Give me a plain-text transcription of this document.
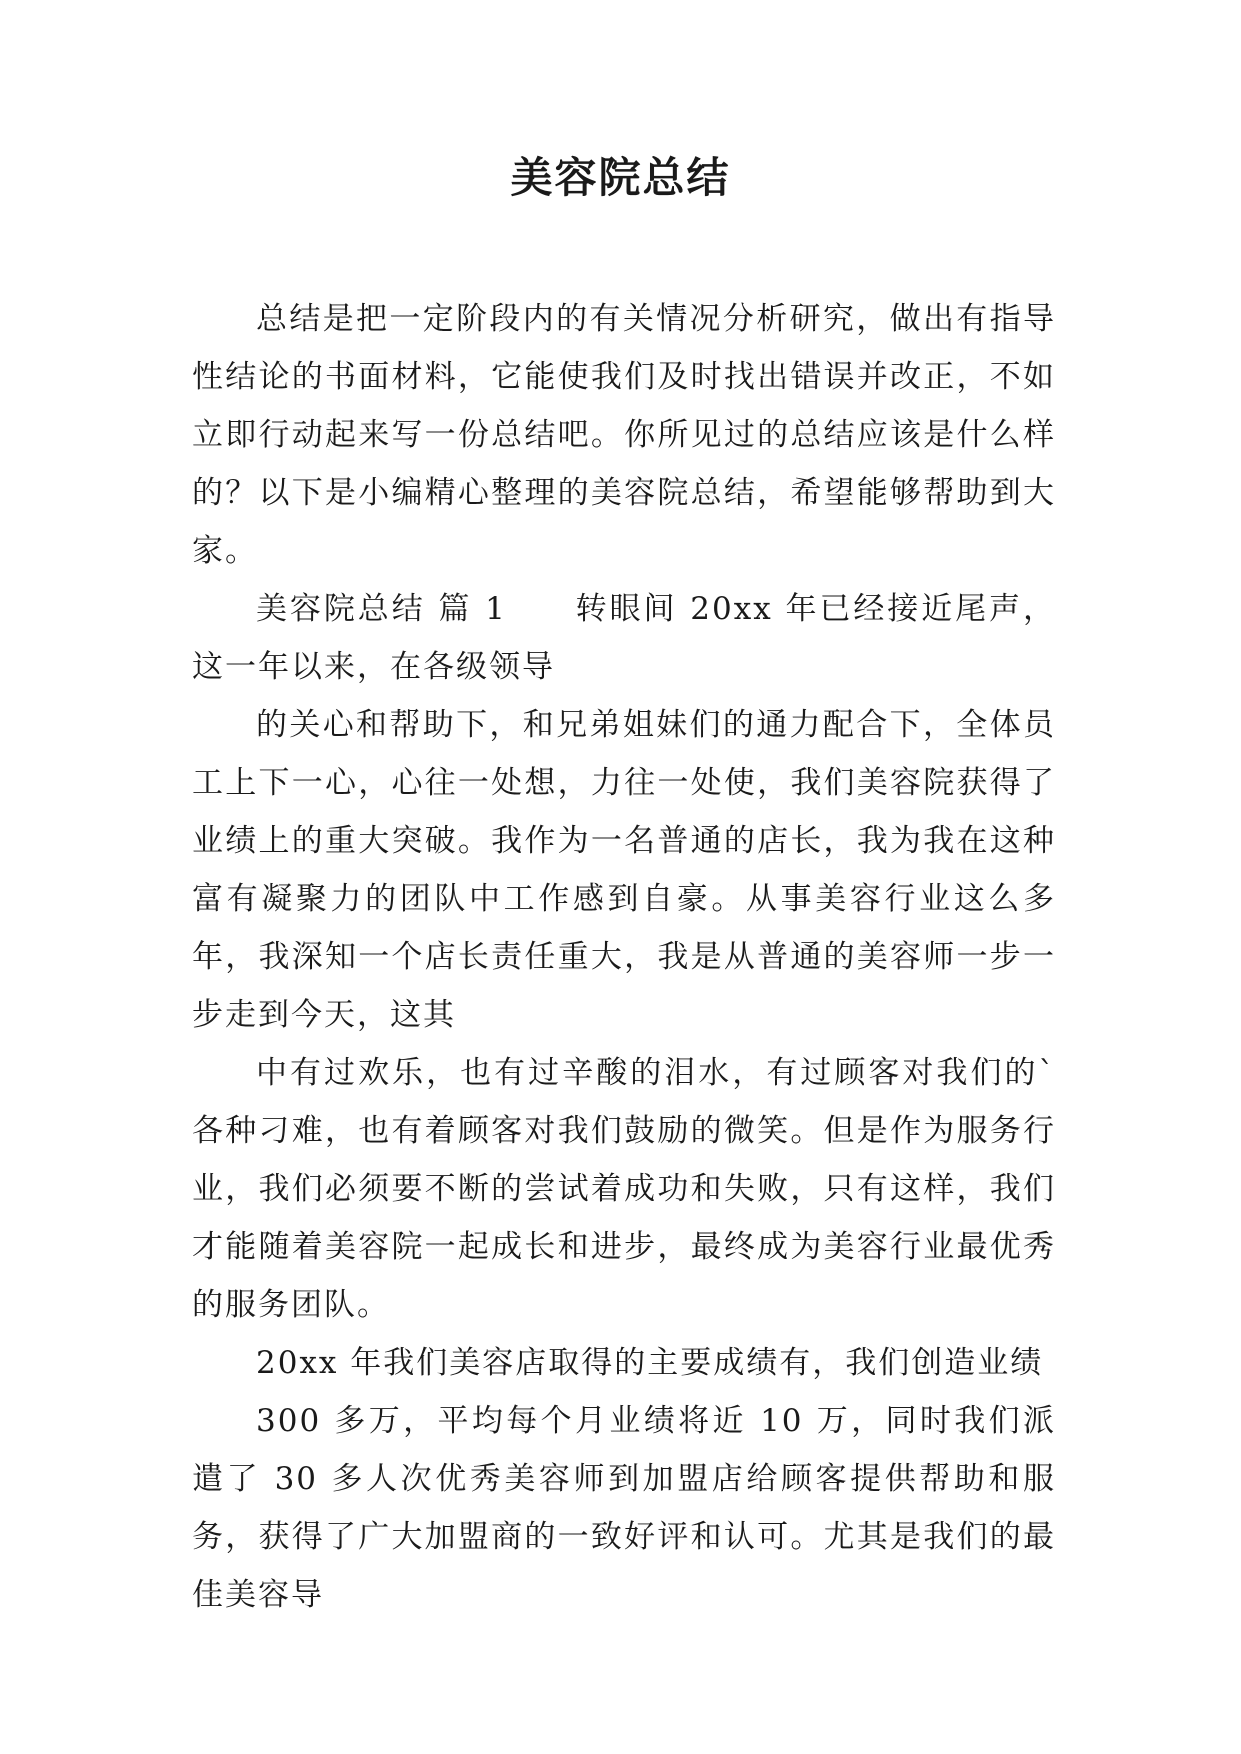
美容院总结

总结是把一定阶段内的有关情况分析研究，做出有指导性结论的书面材料，它能使我们及时找出错误并改正，不如立即行动起来写一份总结吧。你所见过的总结应该是什么样的？以下是小编精心整理的美容院总结，希望能够帮助到大家。

美容院总结 篇 1　　转眼间 20xx 年已经接近尾声，这一年以来，在各级领导

的关心和帮助下，和兄弟姐妹们的通力配合下，全体员工上下一心，心往一处想，力往一处使，我们美容院获得了业绩上的重大突破。我作为一名普通的店长，我为我在这种富有凝聚力的团队中工作感到自豪。从事美容行业这么多年，我深知一个店长责任重大，我是从普通的美容师一步一步走到今天，这其

中有过欢乐，也有过辛酸的泪水，有过顾客对我们的`各种刁难，也有着顾客对我们鼓励的微笑。但是作为服务行业，我们必须要不断的尝试着成功和失败，只有这样，我们才能随着美容院一起成长和进步，最终成为美容行业最优秀的服务团队。

20xx 年我们美容店取得的主要成绩有，我们创造业绩

300 多万，平均每个月业绩将近 10 万，同时我们派遣了 30 多人次优秀美容师到加盟店给顾客提供帮助和服务，获得了广大加盟商的一致好评和认可。尤其是我们的最佳美容导
